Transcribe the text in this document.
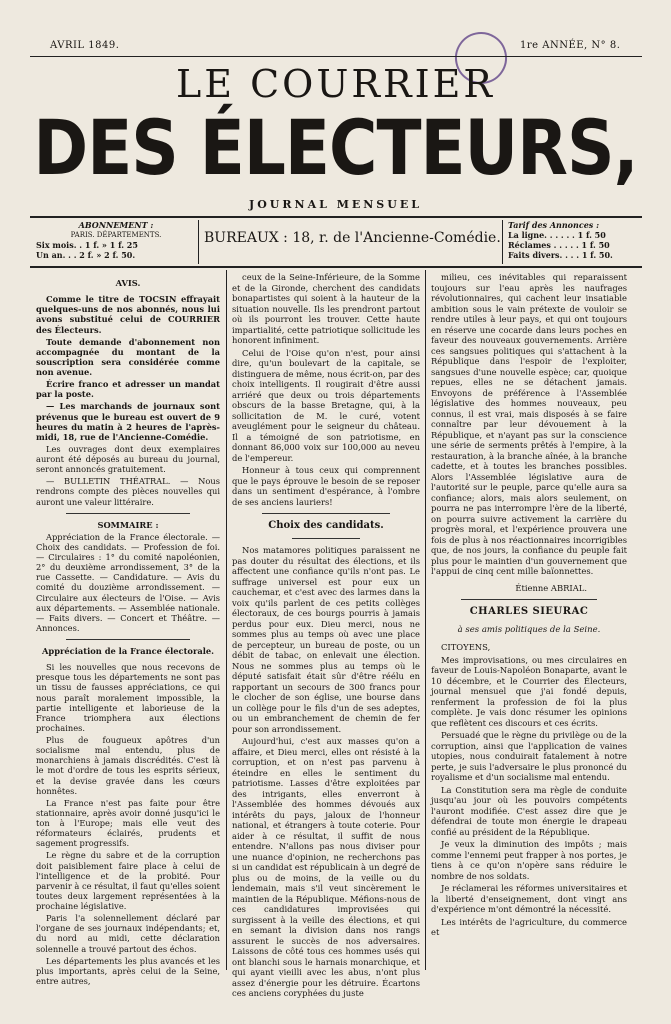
AVRIL 1849.	1re ANNÉE, N° 8.
LE COURRIER
DES ÉLECTEURS,
JOURNAL MENSUEL
ABONNEMENT :
PARIS. DÉPARTEMENTS.
Six mois. . 1 f. » 1 f. 25
Un an. . . 2 f. » 2 f. 50.
BUREAUX : 18, r. de l'Ancienne-Comédie.
Tarif des Annonces :
La ligne. . . . . . 1 f. 50
Réclames . . . . . 1 f. 50
Faits divers. . . . 1 f. 50.

AVIS.

Comme le titre de TOCSIN effrayait quelques-uns de nos abonnés, nous lui avons substitué celui de COURRIER des Électeurs.

Toute demande d'abonnement non accompagnée du montant de la souscription sera considérée comme non avenue.

Écrire franco et adresser un mandat par la poste.

— Les marchands de journaux sont prévenus que le bureau est ouvert de 9 heures du matin à 2 heures de l'après-midi, 18, rue de l'Ancienne-Comédie.

Les ouvrages dont deux exemplaires auront été déposés au bureau du journal, seront annoncés gratuitement.

— BULLETIN THÉATRAL. — Nous rendrons compte des pièces nouvelles qui auront une valeur littéraire.

SOMMAIRE :

Appréciation de la France électorale. — Choix des candidats. — Profession de foi. — Circulaires : 1° du comité napoléonien, 2° du deuxième arrondissement, 3° de la rue Cassette. — Candidature. — Avis du comité du douzième arrondissement. — Circulaire aux électeurs de l'Oise. — Avis aux départements. — Assemblée nationale. — Faits divers. — Concert et Théâtre. — Annonces.

Appréciation de la France électorale.

Si les nouvelles que nous recevons de presque tous les départements ne sont pas un tissu de fausses appréciations, ce qui nous paraît moralement impossible, la partie intelligente et laborieuse de la France triomphera aux élections prochaines.

Plus de fougueux apôtres d'un socialisme mal entendu, plus de monarchiens à jamais discrédités. C'est là le mot d'ordre de tous les esprits sérieux, et la devise gravée dans les cœurs honnêtes.

La France n'est pas faite pour être stationnaire, après avoir donné jusqu'ici le ton à l'Europe; mais elle veut des réformateurs éclairés, prudents et sagement progressifs.

Le règne du sabre et de la corruption doit paisiblement faire place à celui de l'intelligence et de la probité. Pour parvenir à ce résultat, il faut qu'elles soient toutes deux largement représentées à la prochaine législative.

Paris l'a solennellement déclaré par l'organe de ses journaux indépendants; et, du nord au midi, cette déclaration solennelle a trouvé partout des échos.

Les départements les plus avancés et les plus importants, après celui de la Seine, entre autres,

ceux de la Seine-Inférieure, de la Somme et de la Gironde, cherchent des candidats bonapartistes qui soient à la hauteur de la situation nouvelle. Ils les prendront partout où ils pourront les trouver. Cette haute impartialité, cette patriotique sollicitude les honorent infiniment.

Celui de l'Oise qu'on n'est, pour ainsi dire, qu'un boulevart de la capitale, se distinguera de même, nous écrit-on, par des choix intelligents. Il rougirait d'être aussi arriéré que deux ou trois départements obscurs de la basse Bretagne, qui, à la sollicitation de M. le curé, votent aveuglément pour le seigneur du château. Il a témoigné de son patriotisme, en donnant 86,000 voix sur 100,000 au neveu de l'empereur.

Honneur à tous ceux qui comprennent que le pays éprouve le besoin de se reposer dans un sentiment d'espérance, à l'ombre de ses anciens lauriers!

Choix des candidats.

Nos matamores politiques paraissent ne pas douter du résultat des élections, et ils affectent une confiance qu'ils n'ont pas. Le suffrage universel est pour eux un cauchemar, et c'est avec des larmes dans la voix qu'ils parlent de ces petits collèges électoraux, de ces bourgs pourris à jamais perdus pour eux. Dieu merci, nous ne sommes plus au temps où avec une place de percepteur, un bureau de poste, ou un débit de tabac, on enlevait une élection. Nous ne sommes plus au temps où le député satisfait était sûr d'être réélu en rapportant un secours de 300 francs pour le clocher de son église, une bourse dans un collège pour le fils d'un de ses adeptes, ou un embranchement de chemin de fer pour son arrondissement.

Aujourd'hui, c'est aux masses qu'on a affaire, et Dieu merci, elles ont résisté à la corruption, et on n'est pas parvenu à éteindre en elles le sentiment du patriotisme. Lasses d'être exploitées par des intrigants, elles enverront à l'Assemblée des hommes dévoués aux intérêts du pays, jaloux de l'honneur national, et étrangers à toute coterie. Pour aider à ce résultat, il suffit de nous entendre. N'allons pas nous diviser pour une nuance d'opinion, ne recherchons pas si un candidat est républicain à un degré de plus ou de moins, de la veille ou du lendemain, mais s'il veut sincèrement le maintien de la République. Méfions-nous de ces candidatures improvisées qui surgissent à la veille des élections, et qui en semant la division dans nos rangs assurent le succès de nos adversaires. Laissons de côté tous ces hommes usés qui ont blanchi sous le harnais monarchique, et qui ayant vieilli avec les abus, n'ont plus assez d'énergie pour les détruire. Écartons ces anciens coryphées du juste

milieu, ces inévitables qui reparaissent toujours sur l'eau après les naufrages révolutionnaires, qui cachent leur insatiable ambition sous le vain prétexte de vouloir se rendre utiles à leur pays, et qui ont toujours en réserve une cocarde dans leurs poches en faveur des nouveaux gouvernements. Arrière ces sangsues politiques qui s'attachent à la République dans l'espoir de l'exploiter, sangsues d'une nouvelle espèce; car, quoique repues, elles ne se détachent jamais. Envoyons de préférence à l'Assemblée législative des hommes nouveaux, peu connus, il est vrai, mais disposés à se faire connaître par leur dévouement à la République, et n'ayant pas sur la conscience une série de serments prêtés à l'empire, à la restauration, à la branche aînée, à la branche cadette, et à toutes les branches possibles. Alors l'Assemblée législative aura de l'autorité sur le peuple, parce qu'elle aura sa confiance; alors, mais alors seulement, on pourra ne pas interrompre l'ère de la liberté, on pourra suivre activement la carrière du progrès moral, et l'expérience prouvera une fois de plus à nos réactionnaires incorrigibles que, de nos jours, la confiance du peuple fait plus pour le maintien d'un gouvernement que l'appui de cinq cent mille baïonnettes.

Étienne ABRIAL.

CHARLES SIEURAC

à ses amis politiques de la Seine.

CITOYENS,

Mes improvisations, ou mes circulaires en faveur de Louis-Napoléon Bonaparte, avant le 10 décembre, et le Courrier des Électeurs, journal mensuel que j'ai fondé depuis, renferment la profession de foi la plus complète. Je vais donc résumer les opinions que reflètent ces discours et ces écrits.

Persuadé que le règne du privilège ou de la corruption, ainsi que l'application de vaines utopies, nous conduirait fatalement à notre perte, je suis l'adversaire le plus prononcé du royalisme et d'un socialisme mal entendu.

La Constitution sera ma règle de conduite jusqu'au jour où les pouvoirs compétents l'auront modifiée. C'est assez dire que je défendrai de toute mon énergie le drapeau confié au président de la République.

Je veux la diminution des impôts ; mais comme l'ennemi peut frapper à nos portes, je tiens à ce qu'on n'opère sans réduire le nombre de nos soldats.

Je réclamerai les réformes universitaires et la liberté d'enseignement, dont vingt ans d'expérience m'ont démontré la nécessité.

Les intérêts de l'agriculture, du commerce et
